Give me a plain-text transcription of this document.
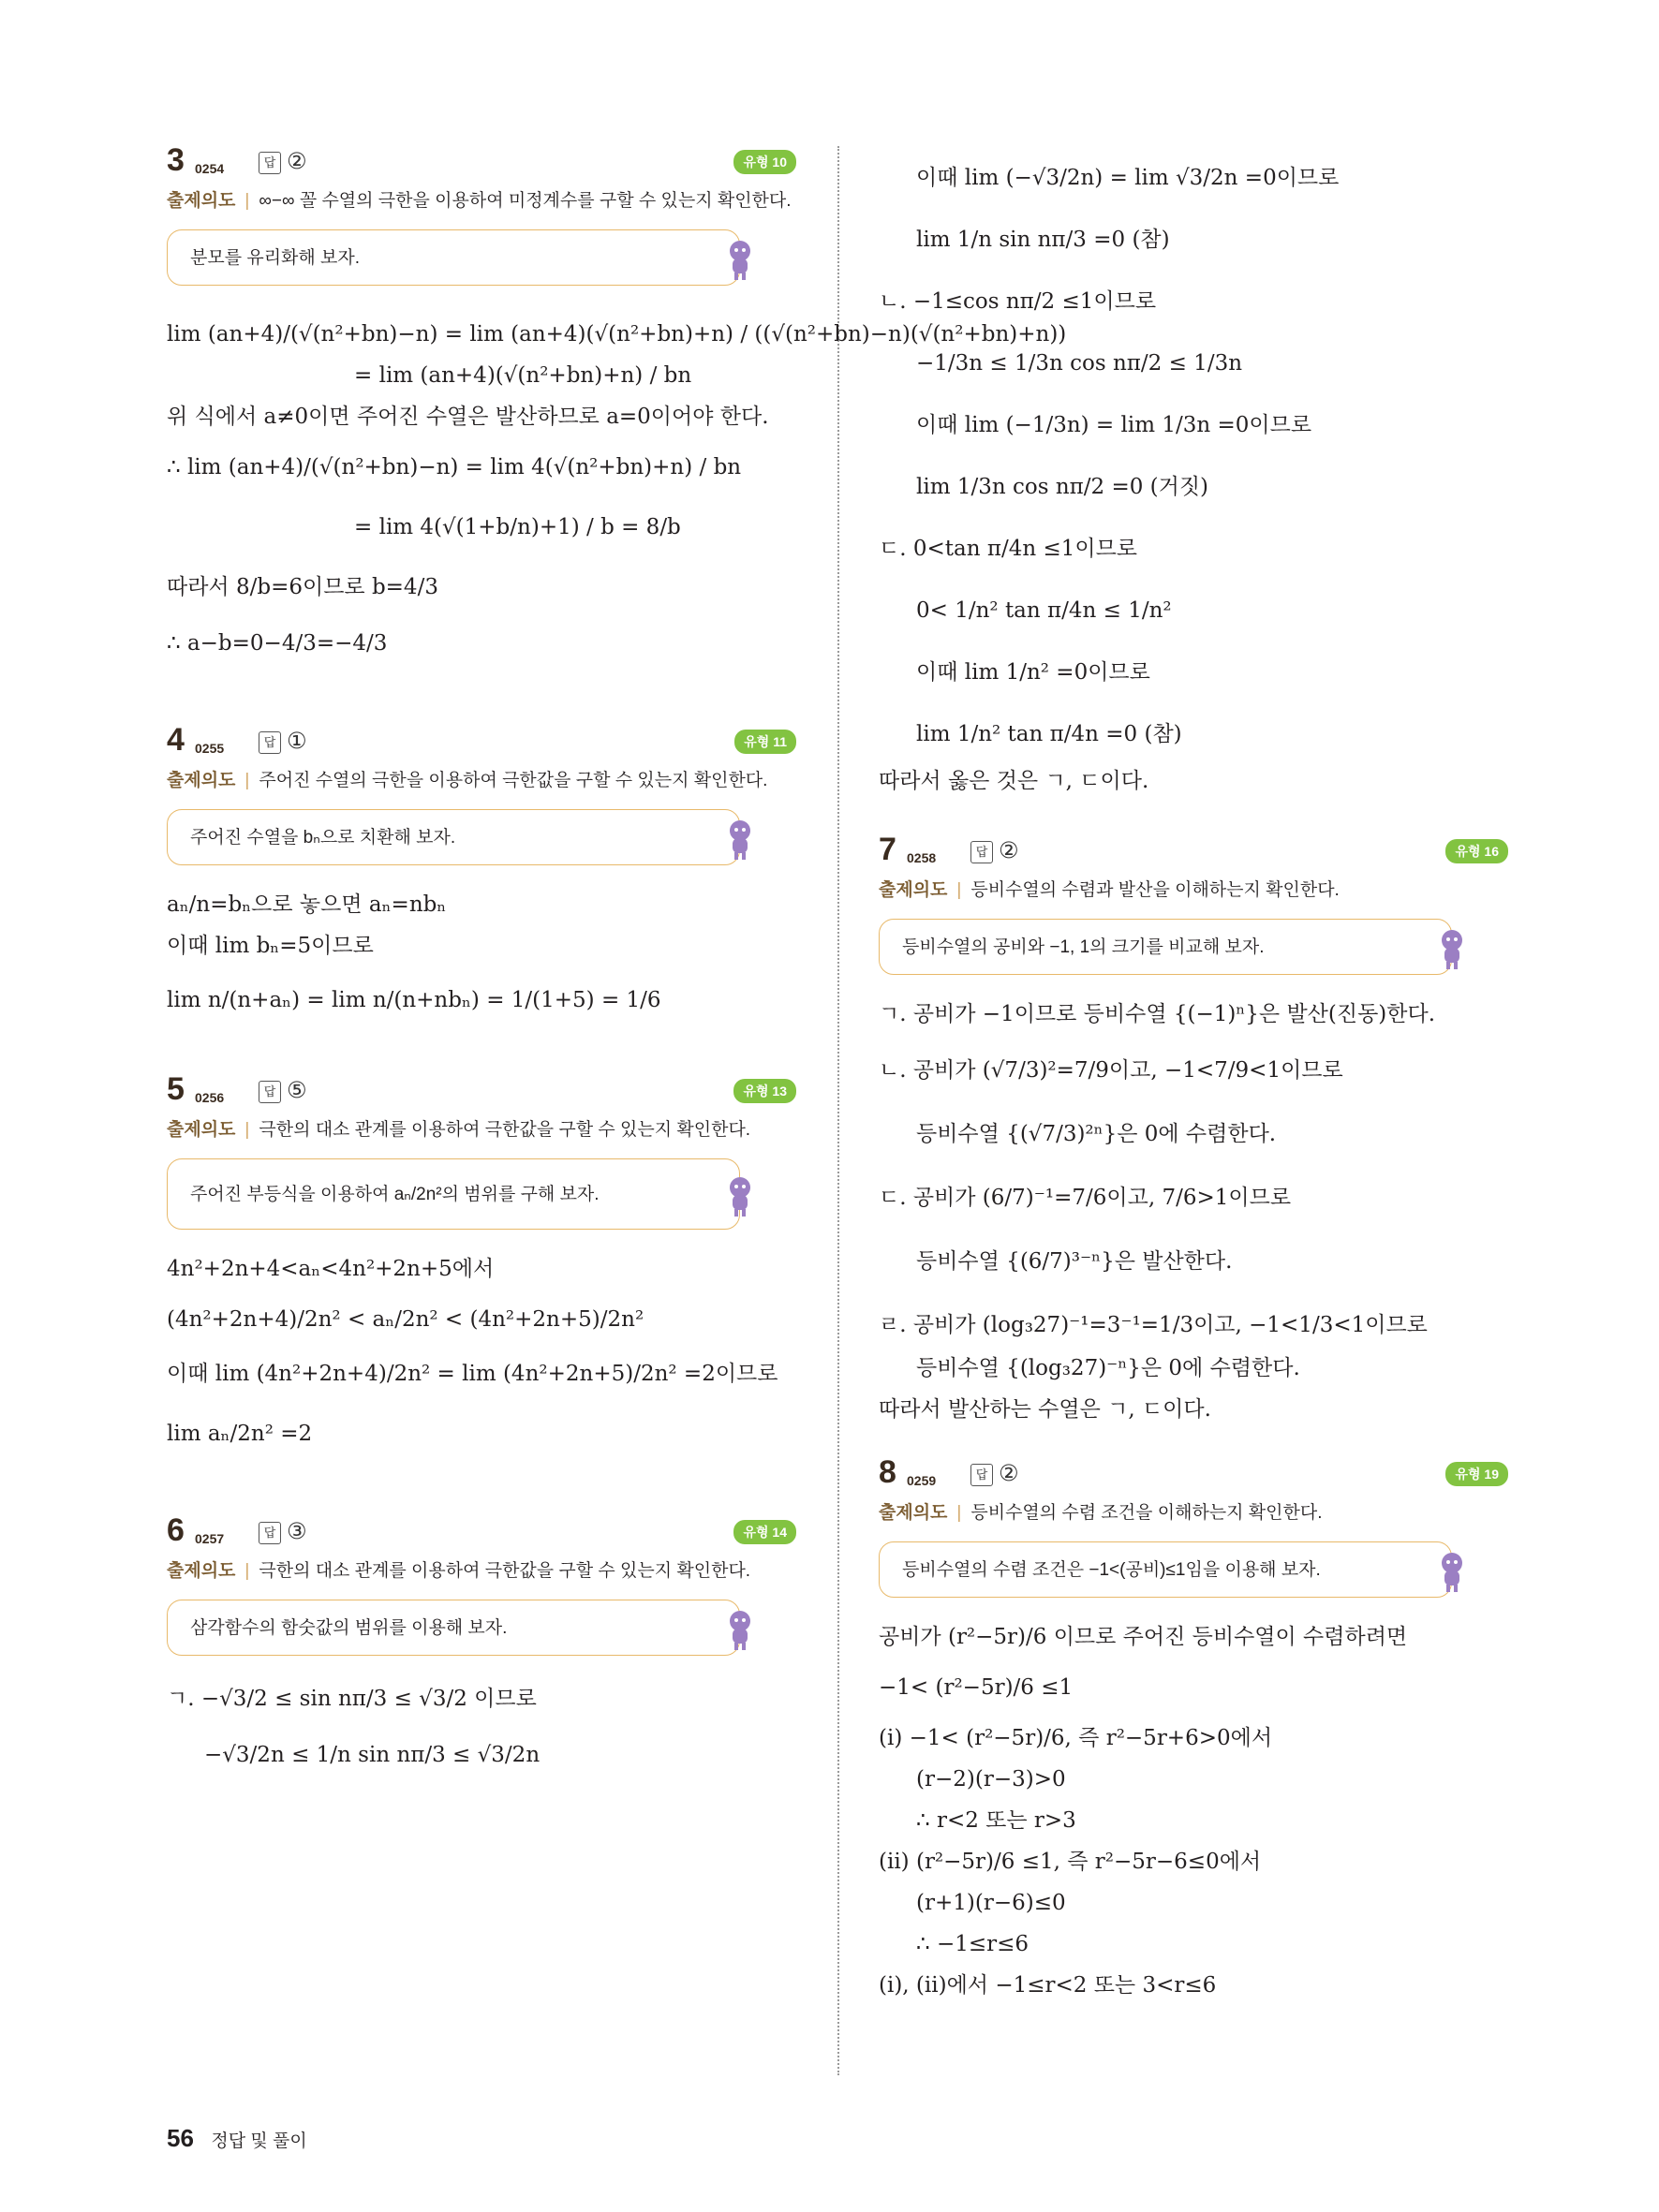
3 0254	답 ②	유형 10
출제의도 | ∞−∞ 꼴 수열의 극한을 이용하여 미정계수를 구할 수 있는지 확인한다.
분모를 유리화해 보자.
lim (an+4)/(√(n²+bn)−n) = lim (an+4)(√(n²+bn)+n) / ((√(n²+bn)−n)(√(n²+bn)+n))
= lim (an+4)(√(n²+bn)+n) / bn
위 식에서 a≠0이면 주어진 수열은 발산하므로 a=0이어야 한다.
∴ lim (an+4)/(√(n²+bn)−n) = lim 4(√(n²+bn)+n) / bn
= lim 4(√(1+b/n)+1) / b = 8/b
따라서 8/b=6이므로 b=4/3
∴ a−b=0−4/3=−4/3
4 0255	답 ①	유형 11
출제의도 | 주어진 수열의 극한을 이용하여 극한값을 구할 수 있는지 확인한다.
주어진 수열을 bₙ으로 치환해 보자.
aₙ/n=bₙ으로 놓으면 aₙ=nbₙ
이때 lim bₙ=5이므로
lim n/(n+aₙ) = lim n/(n+nbₙ) = 1/(1+5) = 1/6
5 0256	답 ⑤	유형 13
출제의도 | 극한의 대소 관계를 이용하여 극한값을 구할 수 있는지 확인한다.
주어진 부등식을 이용하여 aₙ/2n²의 범위를 구해 보자.
4n²+2n+4<aₙ<4n²+2n+5에서
(4n²+2n+4)/2n² < aₙ/2n² < (4n²+2n+5)/2n²
이때 lim (4n²+2n+4)/2n² = lim (4n²+2n+5)/2n² =2이므로
lim aₙ/2n² =2
6 0257	답 ③	유형 14
출제의도 | 극한의 대소 관계를 이용하여 극한값을 구할 수 있는지 확인한다.
삼각함수의 함숫값의 범위를 이용해 보자.
ㄱ. −√3/2 ≤ sin nπ/3 ≤ √3/2 이므로
−√3/2n ≤ 1/n sin nπ/3 ≤ √3/2n
이때 lim (−√3/2n) = lim √3/2n =0이므로
lim 1/n sin nπ/3 =0 (참)
ㄴ. −1≤cos nπ/2 ≤1이므로
−1/3n ≤ 1/3n cos nπ/2 ≤ 1/3n
이때 lim (−1/3n) = lim 1/3n =0이므로
lim 1/3n cos nπ/2 =0 (거짓)
ㄷ. 0<tan π/4n ≤1이므로
0< 1/n² tan π/4n ≤ 1/n²
이때 lim 1/n² =0이므로
lim 1/n² tan π/4n =0 (참)
따라서 옳은 것은 ㄱ, ㄷ이다.
7 0258	답 ②	유형 16
출제의도 | 등비수열의 수렴과 발산을 이해하는지 확인한다.
등비수열의 공비와 −1, 1의 크기를 비교해 보자.
ㄱ. 공비가 −1이므로 등비수열 {(−1)ⁿ}은 발산(진동)한다.
ㄴ. 공비가 (√7/3)²=7/9이고, −1<7/9<1이므로
등비수열 {(√7/3)²ⁿ}은 0에 수렴한다.
ㄷ. 공비가 (6/7)⁻¹=7/6이고, 7/6>1이므로
등비수열 {(6/7)³⁻ⁿ}은 발산한다.
ㄹ. 공비가 (log₃27)⁻¹=3⁻¹=1/3이고, −1<1/3<1이므로
등비수열 {(log₃27)⁻ⁿ}은 0에 수렴한다.
따라서 발산하는 수열은 ㄱ, ㄷ이다.
8 0259	답 ②	유형 19
출제의도 | 등비수열의 수렴 조건을 이해하는지 확인한다.
등비수열의 수렴 조건은 −1<(공비)≤1임을 이용해 보자.
공비가 (r²−5r)/6 이므로 주어진 등비수열이 수렴하려면
−1< (r²−5r)/6 ≤1
(i) −1< (r²−5r)/6, 즉 r²−5r+6>0에서
(r−2)(r−3)>0
∴ r<2 또는 r>3
(ii) (r²−5r)/6 ≤1, 즉 r²−5r−6≤0에서
(r+1)(r−6)≤0
∴ −1≤r≤6
(i), (ii)에서 −1≤r<2 또는 3<r≤6
56 정답 및 풀이
